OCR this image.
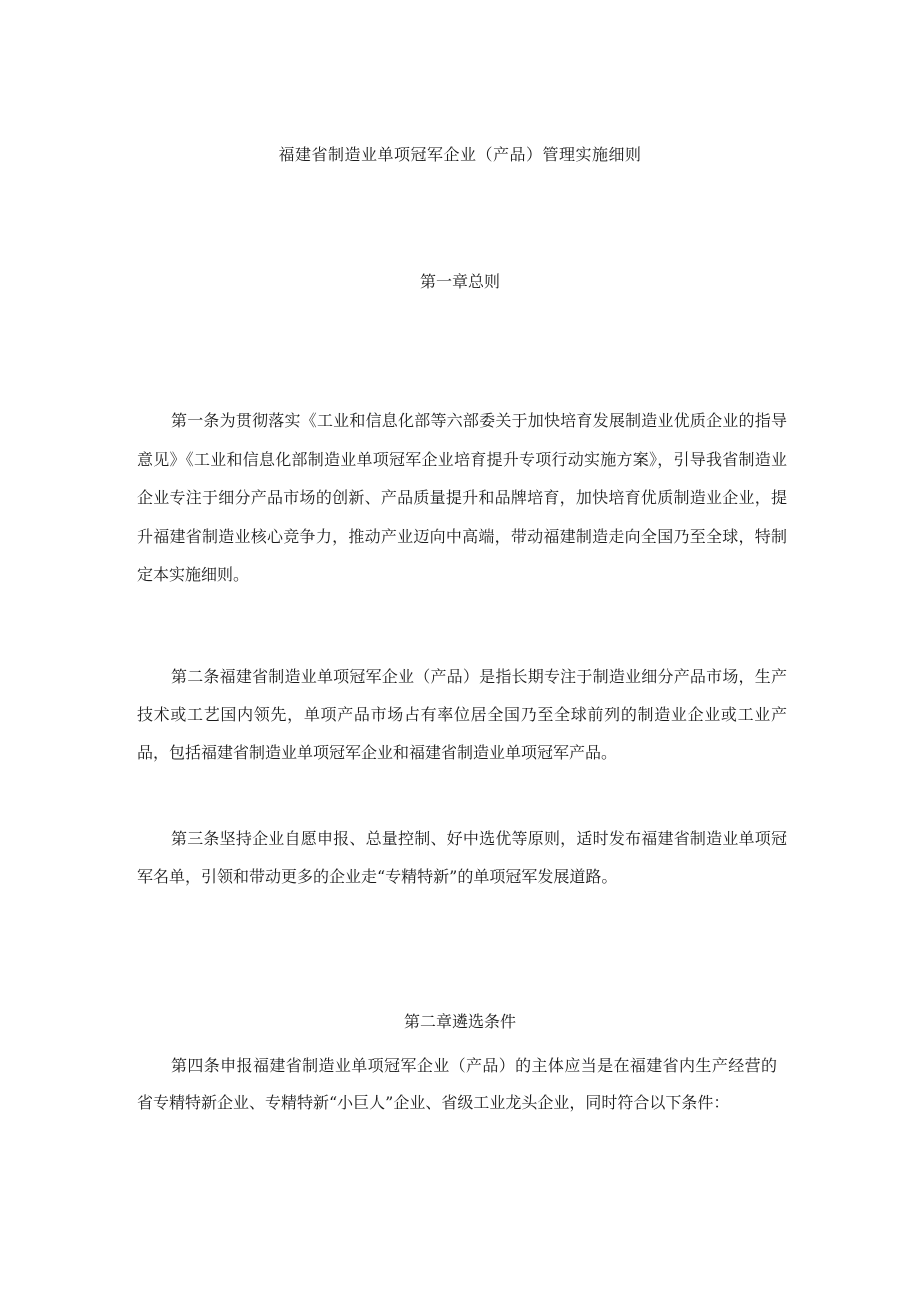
福建省制造业单项冠军企业（产品）管理实施细则
第一章总则

第一条为贯彻落实《工业和信息化部等六部委关于加快培育发展制造业优质企业的指导意见》《工业和信息化部制造业单项冠军企业培育提升专项行动实施方案》，引导我省制造业企业专注于细分产品市场的创新、产品质量提升和品牌培育，加快培育优质制造业企业，提升福建省制造业核心竞争力，推动产业迈向中高端，带动福建制造走向全国乃至全球，特制定本实施细则。

第二条福建省制造业单项冠军企业（产品）是指长期专注于制造业细分产品市场，生产技术或工艺国内领先，单项产品市场占有率位居全国乃至全球前列的制造业企业或工业产品，包括福建省制造业单项冠军企业和福建省制造业单项冠军产品。

第三条坚持企业自愿申报、总量控制、好中选优等原则，适时发布福建省制造业单项冠军名单，引领和带动更多的企业走“专精特新”的单项冠军发展道路。

第二章遴选条件

第四条申报福建省制造业单项冠军企业（产品）的主体应当是在福建省内生产经营的省专精特新企业、专精特新“小巨人”企业、省级工业龙头企业，同时符合以下条件：
